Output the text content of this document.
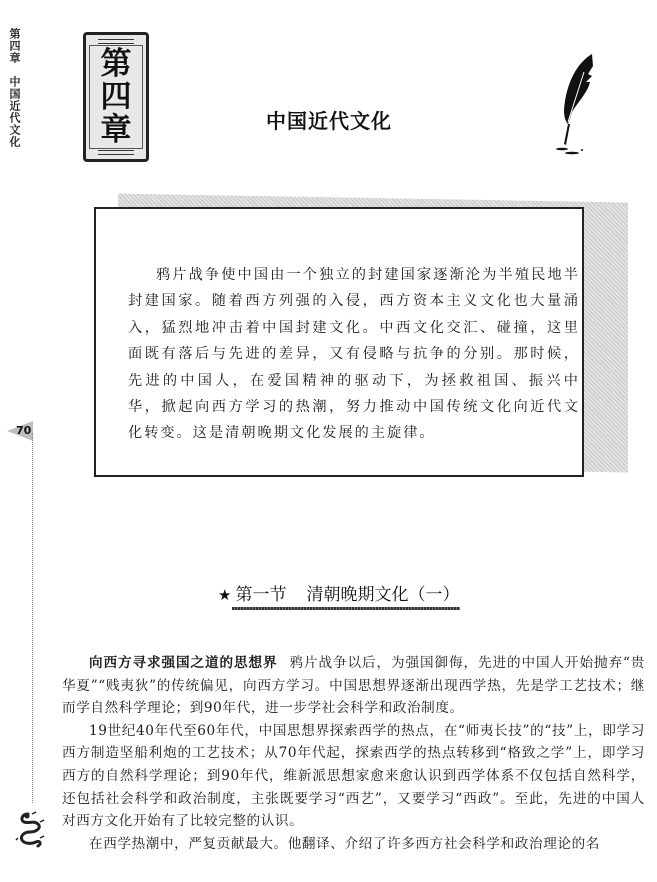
第四章中国近代文化
第
四
章	中国近代文化

鸦片战争使中国由一个独立的封建国家逐渐沦为半殖民地半封建国家。随着西方列强的入侵，西方资本主义文化也大量涌入，猛烈地冲击着中国封建文化。中西文化交汇、碰撞，这里面既有落后与先进的差异，又有侵略与抗争的分别。那时候，先进的中国人，在爱国精神的驱动下，为拯救祖国、振兴中华，掀起向西方学习的热潮，努力推动中国传统文化向近代文化转变。这是清朝晚期文化发展的主旋律。

70
★ 第一节 清朝晚期文化（一）

向西方寻求强国之道的思想界 鸦片战争以后，为强国御侮，先进的中国人开始抛弃“贵华夏”“贱夷狄”的传统偏见，向西方学习。中国思想界逐渐出现西学热，先是学工艺技术；继而学自然科学理论；到90年代，进一步学社会科学和政治制度。

19世纪40年代至60年代，中国思想界探索西学的热点，在“师夷长技”的“技”上，即学习西方制造坚船利炮的工艺技术；从70年代起，探索西学的热点转移到“格致之学”上，即学习西方的自然科学理论；到90年代，维新派思想家愈来愈认识到西学体系不仅包括自然科学，还包括社会科学和政治制度，主张既要学习“西艺”，又要学习“西政”。至此，先进的中国人对西方文化开始有了比较完整的认识。

在西学热潮中，严复贡献最大。他翻译、介绍了许多西方社会科学和政治理论的名
